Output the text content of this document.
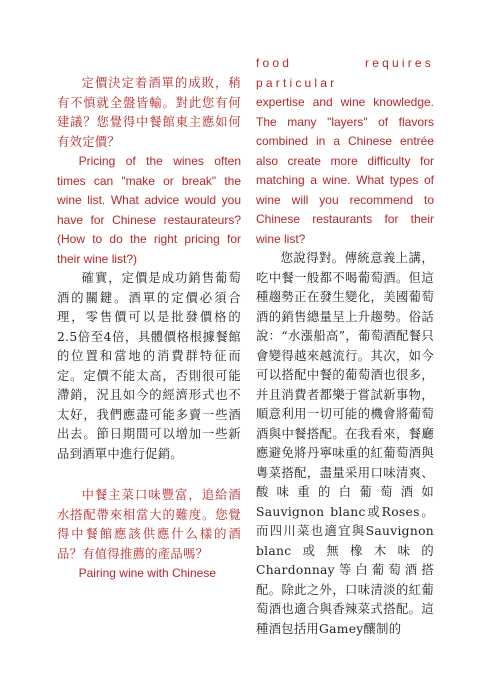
定價決定着酒單的成敗，稍有不慎就全盤皆輸。對此您有何建議？您覺得中餐館東主應如何有效定價？

Pricing of the wines often times can "make or break" the wine list. What advice would you have for Chinese restaurateurs? (How to do the right pricing for their wine list?)

確實，定價是成功銷售葡萄酒的關鍵。酒單的定價必須合理，零售價可以是批發價格的2.5倍至4倍，具體價格根據餐館的位置和當地的消費群特征而定。定價不能太高，否則很可能滯銷，況且如今的經濟形式也不太好，我們應盡可能多賣一些酒出去。節日期間可以增加一些新品到酒單中進行促銷。

中餐主菜口味豐富，追給酒水搭配帶來相當大的難度。您覺得中餐館應該供應什么樣的酒品？有值得推薦的產品嗎？

Pairing wine with Chinese

food requires particular

expertise and wine knowledge. The many "layers" of flavors combined in a Chinese entrée also create more difficulty for matching a wine. What types of wine will you recommend to Chinese restaurants for their wine list?

您說得對。傳統意義上講，吃中餐一般都不喝葡萄酒。但這種趨勢正在發生變化，美國葡萄酒的銷售總量呈上升趨勢。俗話說：“水漲船高”，葡萄酒配餐只會變得越來越流行。其次，如今可以搭配中餐的葡萄酒也很多，并且消費者都樂于嘗試新事物，順意利用一切可能的機會將葡萄酒與中餐搭配。在我看來，餐廳應避免將丹寧味重的紅葡萄酒與粵菜搭配，盡量采用口味清爽、酸味重的白葡萄酒如Sauvignon blanc或Roses。而四川菜也適宜與Sauvignon blanc或無橡木味的Chardonnay等白葡萄酒搭配。除此之外，口味清淡的紅葡萄酒也適合與香辣菜式搭配。這種酒包括用Gamey釀制的
